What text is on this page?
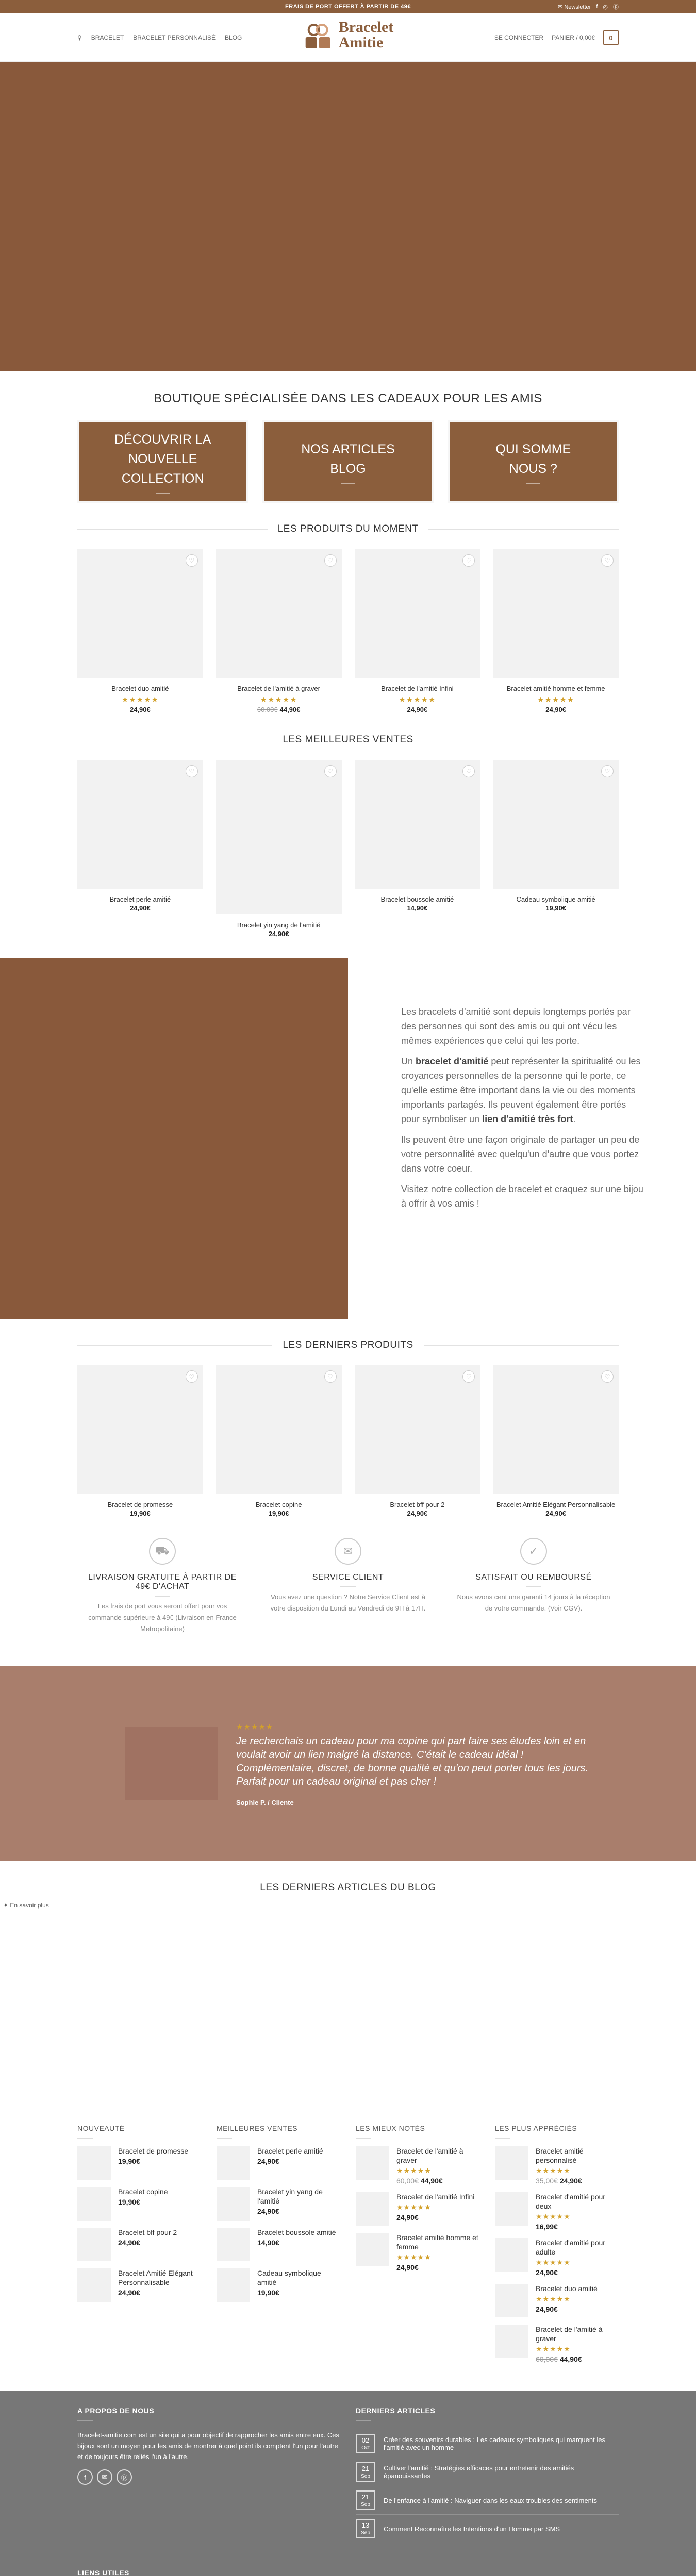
FRAIS DE PORT OFFERT À PARTIR DE 49€	✉ Newsletter f ◎ ⓟ
⚲ BRACELET BRACELET PERSONNALISÉ BLOG
Bracelet
Amitie	SE CONNECTER PANIER / 0,00€ 0
BOUTIQUE SPÉCIALISÉE DANS LES CADEAUX POUR LES AMIS
DÉCOUVRIR LA NOUVELLE COLLECTION
NOS ARTICLES BLOG
QUI SOMME NOUS ?
LES PRODUITS DU MOMENT
♡
Bracelet duo amitié
★★★★★
24,90€
♡
Bracelet de l'amitié à graver
★★★★★
60,00€ 44,90€
♡
Bracelet de l'amitié Infini
★★★★★
24,90€
♡
Bracelet amitié homme et femme
★★★★★
24,90€
LES MEILLEURES VENTES
♡
Bracelet perle amitié
24,90€
♡
Bracelet yin yang de l'amitié
24,90€
♡
Bracelet boussole amitié
14,90€
♡
Cadeau symbolique amitié
19,90€

Les bracelets d'amitié sont depuis longtemps portés par des personnes qui sont des amis ou qui ont vécu les mêmes expériences que celui qui les porte.

Un bracelet d'amitié peut représenter la spiritualité ou les croyances personnelles de la personne qui le porte, ce qu'elle estime être important dans la vie ou des moments importants partagés. Ils peuvent également être portés pour symboliser un lien d'amitié très fort.

Ils peuvent être une façon originale de partager un peu de votre personnalité avec quelqu'un d'autre que vous portez dans votre coeur.

Visitez notre collection de bracelet et craquez sur une bijou à offrir à vos amis !

LES DERNIERS PRODUITS
♡
Bracelet de promesse
19,90€
♡
Bracelet copine
19,90€
♡
Bracelet bff pour 2
24,90€
♡
Bracelet Amitié Elégant Personnalisable
24,90€
⛟
LIVRAISON GRATUITE À PARTIR DE 49€ D'ACHAT

Les frais de port vous seront offert pour vos commande supérieure à 49€ (Livraison en France Metropolitaine)

✉
SERVICE CLIENT

Vous avez une question ? Notre Service Client est à votre disposition du Lundi au Vendredi de 9H à 17H.

✓
SATISFAIT OU REMBOURSÉ

Nous avons cent une garanti 14 jours à la réception de votre commande. (Voir CGV).

★★★★★
Je recherchais un cadeau pour ma copine qui part faire ses études loin et en voulait avoir un lien malgré la distance. C'était le cadeau idéal ! Complémentaire, discret, de bonne qualité et qu'on peut porter tous les jours. Parfait pour un cadeau original et pas cher !
Sophie P. / Cliente
LES DERNIERS ARTICLES DU BLOG
✦ En savoir plus
NOUVEAUTÉ
Bracelet de promesse
19,90€
Bracelet copine
19,90€
Bracelet bff pour 2
24,90€
Bracelet Amitié Elégant Personnalisable
24,90€
MEILLEURES VENTES
Bracelet perle amitié
24,90€
Bracelet yin yang de l'amitié
24,90€
Bracelet boussole amitié
14,90€
Cadeau symbolique amitié
19,90€
LES MIEUX NOTÉS
Bracelet de l'amitié à graver
★★★★★
60,00€ 44,90€
Bracelet de l'amitié Infini
★★★★★
24,90€
Bracelet amitié homme et femme
★★★★★
24,90€
LES PLUS APPRÉCIÉS
Bracelet amitié personnalisé
★★★★★
35,00€ 24,90€
Bracelet d'amitié pour deux
★★★★★
16,99€
Bracelet d'amitié pour adulte
★★★★★
24,90€
Bracelet duo amitié
★★★★★
24,90€
Bracelet de l'amitié à graver
★★★★★
60,00€ 44,90€
A PROPOS DE NOUS

Bracelet-amitie.com est un site qui a pour objectif de rapprocher les amis entre eux. Ces bijoux sont un moyen pour les amis de montrer à quel point ils comptent l'un pour l'autre et de toujours être reliés l'un à l'autre.

f	✉	ⓟ
DERNIERS ARTICLES
02
Oct
Créer des souvenirs durables : Les cadeaux symboliques qui marquent les l'amitié avec un homme
21
Sep
Cultiver l'amitié : Stratégies efficaces pour entretenir des amitiés épanouissantes
21
Sep
De l'enfance à l'amitié : Naviguer dans les eaux troubles des sentiments
13
Sep
Comment Reconnaître les Intentions d'un Homme par SMS
LIENS UTILES
